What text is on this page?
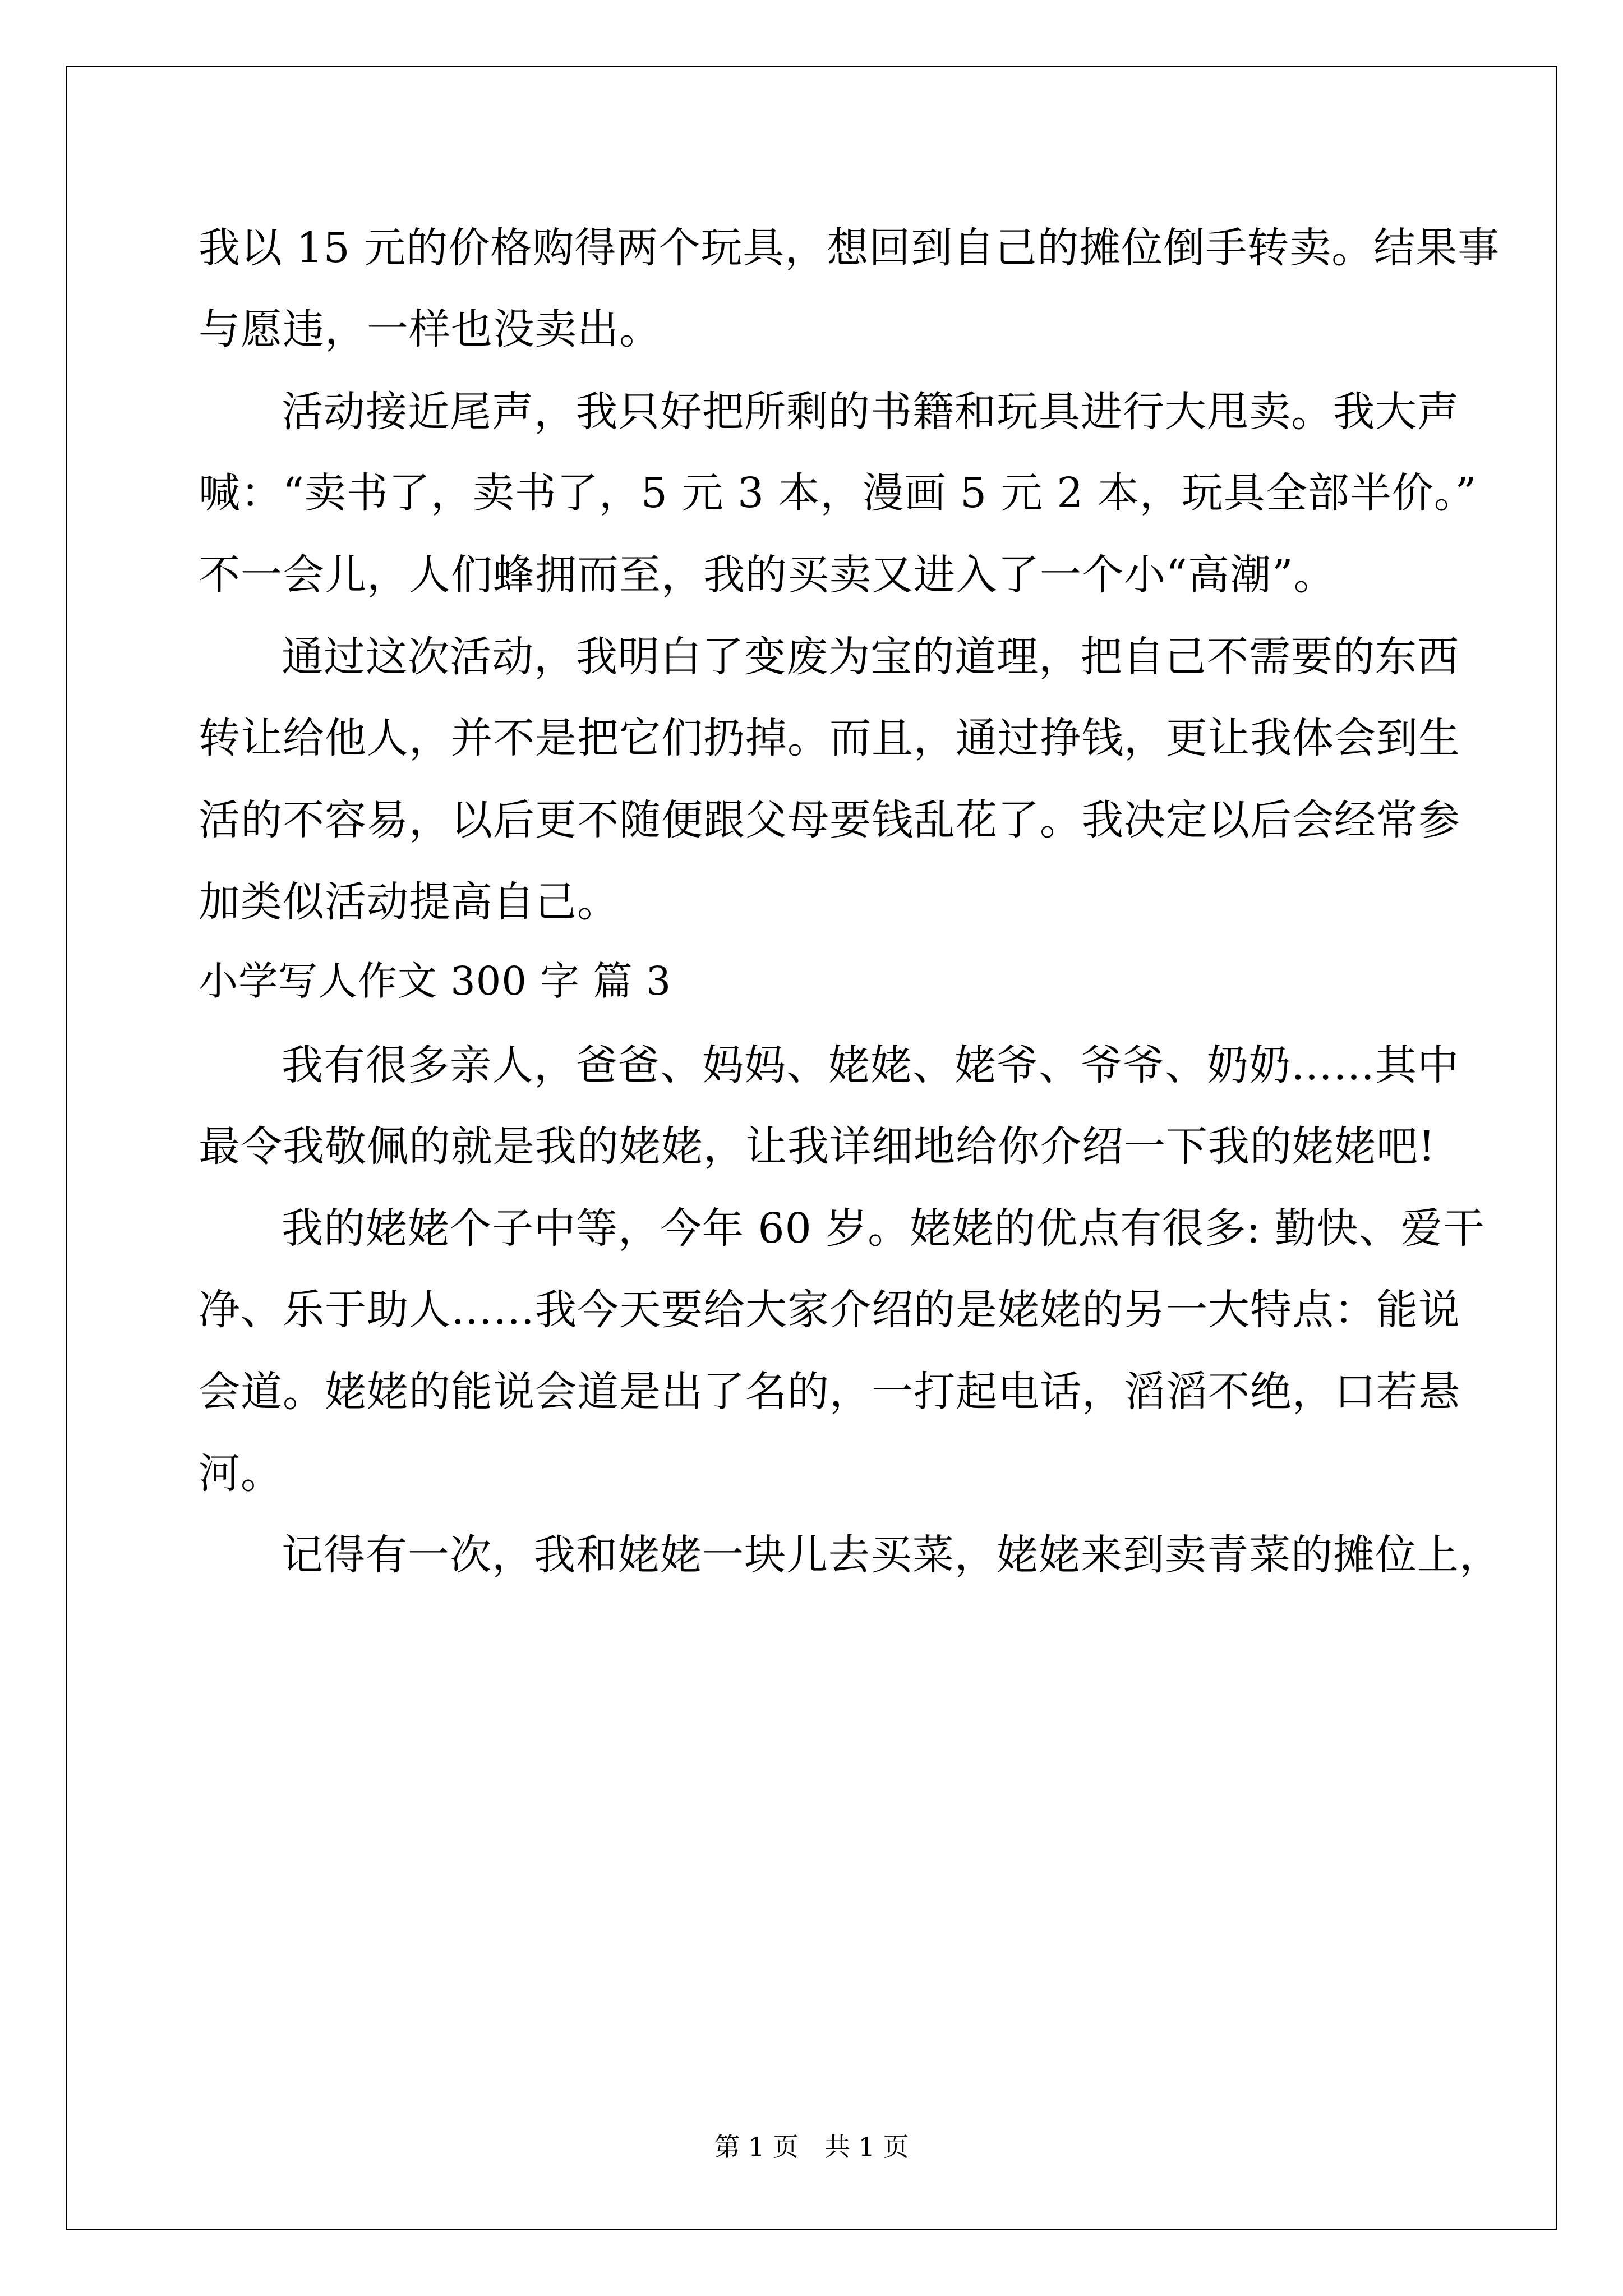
我以 15 元的价格购得两个玩具，想回到自己的摊位倒手转卖。结果事
与愿违，一样也没卖出。
活动接近尾声，我只好把所剩的书籍和玩具进行大甩卖。我大声
喊：“卖书了，卖书了，5 元 3 本，漫画 5 元 2 本，玩具全部半价。”
不一会儿，人们蜂拥而至，我的买卖又进入了一个小“高潮”。
通过这次活动，我明白了变废为宝的道理，把自己不需要的东西
转让给他人，并不是把它们扔掉。而且，通过挣钱，更让我体会到生
活的不容易，以后更不随便跟父母要钱乱花了。我决定以后会经常参
加类似活动提高自己。
小学写人作文 300 字 篇 3
我有很多亲人，爸爸、妈妈、姥姥、姥爷、爷爷、奶奶……其中
最令我敬佩的就是我的姥姥，让我详细地给你介绍一下我的姥姥吧!
我的姥姥个子中等，今年 60 岁。姥姥的优点有很多: 勤快、爱干
净、乐于助人……我今天要给大家介绍的是姥姥的另一大特点：能说
会道。姥姥的能说会道是出了名的，一打起电话，滔滔不绝，口若悬
河。
记得有一次，我和姥姥一块儿去买菜，姥姥来到卖青菜的摊位上，
第 1 页　共 1 页
